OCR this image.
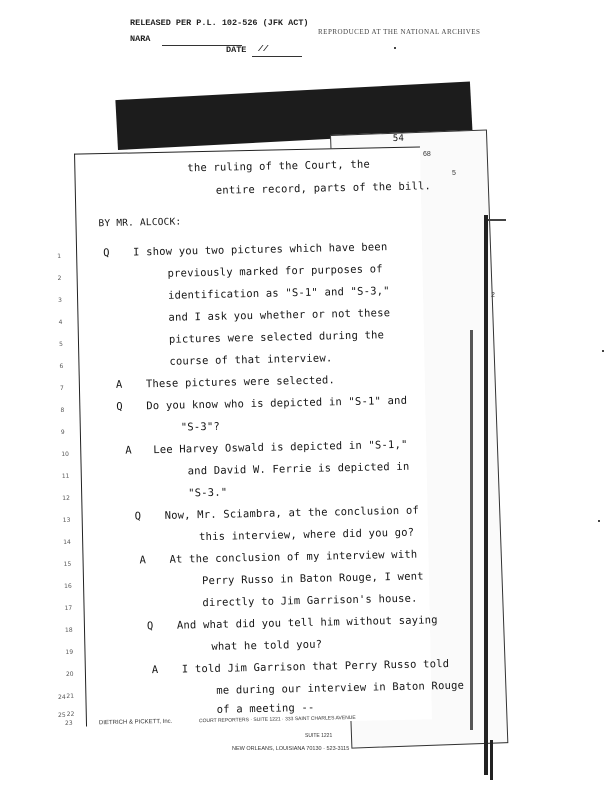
RELEASED PER P.L. 102-526 (JFK ACT)
NARA
DATE //
REPRODUCED AT THE NATIONAL ARCHIVES
68
5
2
54
the ruling of the Court, the
entire record, parts of the bill.
BY MR. ALCOCK:
1	Q I show you two pictures which have been
2	previously marked for purposes of
3	identification as "S-1" and "S-3,"
4	and I ask you whether or not these
5	pictures were selected during the
6	course of that interview.
7	A These pictures were selected.
8	Q Do you know who is depicted in "S-1" and
9	"S-3"?
10	A Lee Harvey Oswald is depicted in "S-1,"
11	and David W. Ferrie is depicted in
12	"S-3."
13	Q Now, Mr. Sciambra, at the conclusion of
14	this interview, where did you go?
15	A At the conclusion of my interview with
16	Perry Russo in Baton Rouge, I went
17	directly to Jim Garrison's house.
18	Q And what did you tell him without saying
19	what he told you?
20	A I told Jim Garrison that Perry Russo told
21	me during our interview in Baton Rouge
22	of a meeting --
23	DIETRICH & PICKETT, Inc.	COURT REPORTERS · SUITE 1221 · 333 SAINT CHARLES AVENUE
24
25
SUITE 1221
NEW ORLEANS, LOUISIANA 70130 · 523-3115
